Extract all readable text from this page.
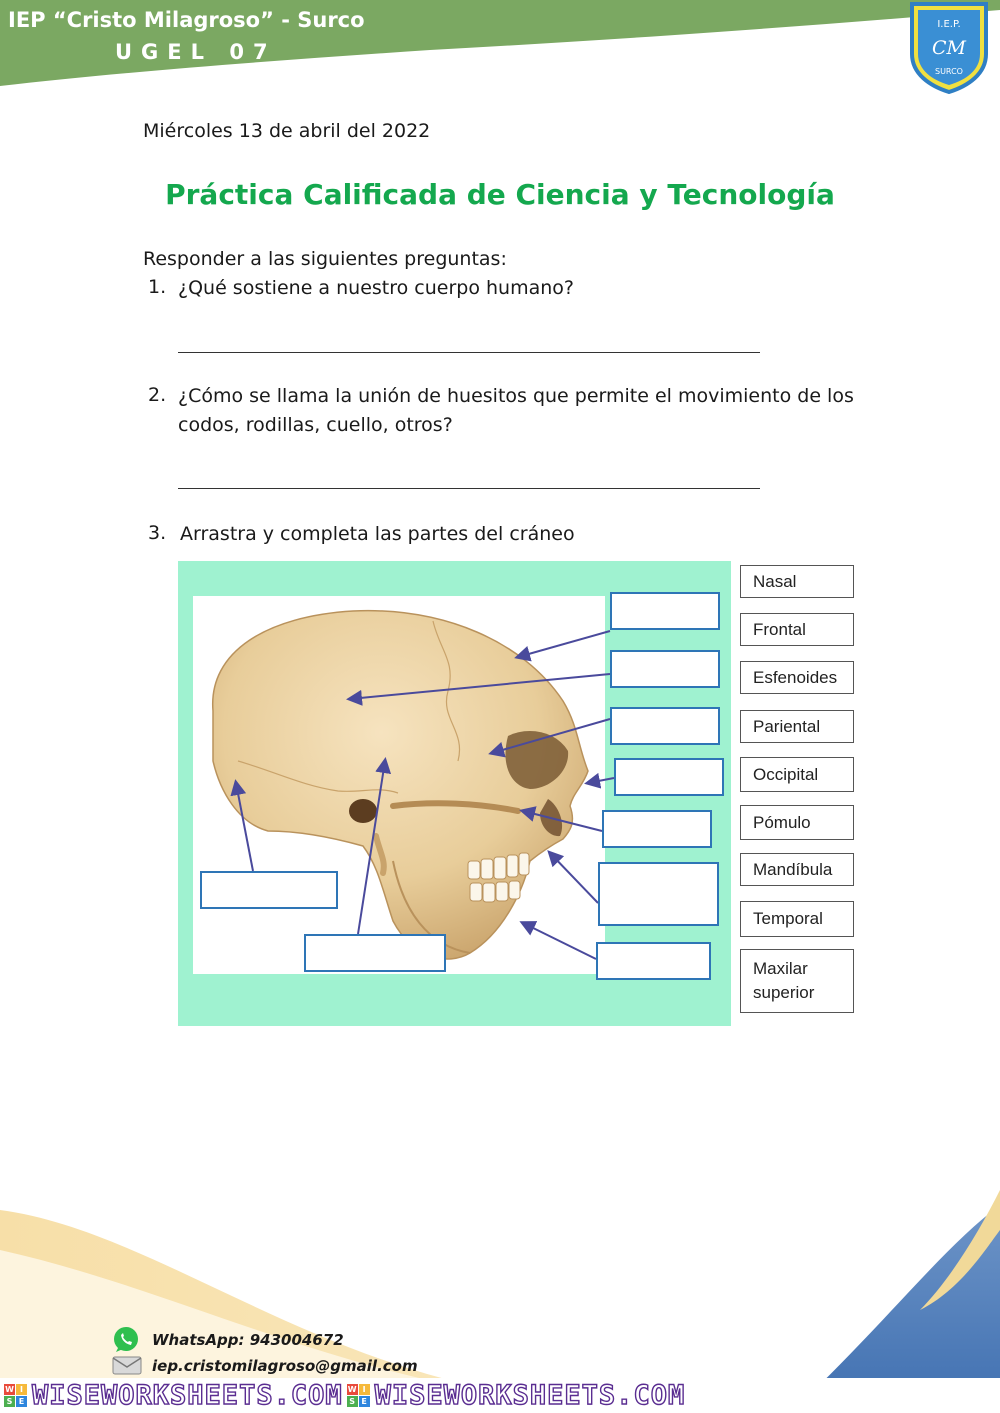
IEP “Cristo Milagroso” - Surco
UGEL 07
I.E.P.
CM
SURCO
Miércoles 13 de abril del 2022
Práctica Calificada de Ciencia y Tecnología
Responder a las siguientes preguntas:
1. ¿Qué sostiene a nuestro cuerpo humano?
2. ¿Cómo se llama la unión de huesitos que permite el movimiento de los
codos, rodillas, cuello, otros?
3. Arrastra y completa las partes del cráneo
Nasal
Frontal
Esfenoides
Pariental
Occipital
Pómulo
Mandíbula
Temporal
Maxilar superior
WhatsApp: 943004672
iep.cristomilagroso@gmail.com
W I
S E WISEWORKSHEETS.COM W I
S E WISEWORKSHEETS.COM
